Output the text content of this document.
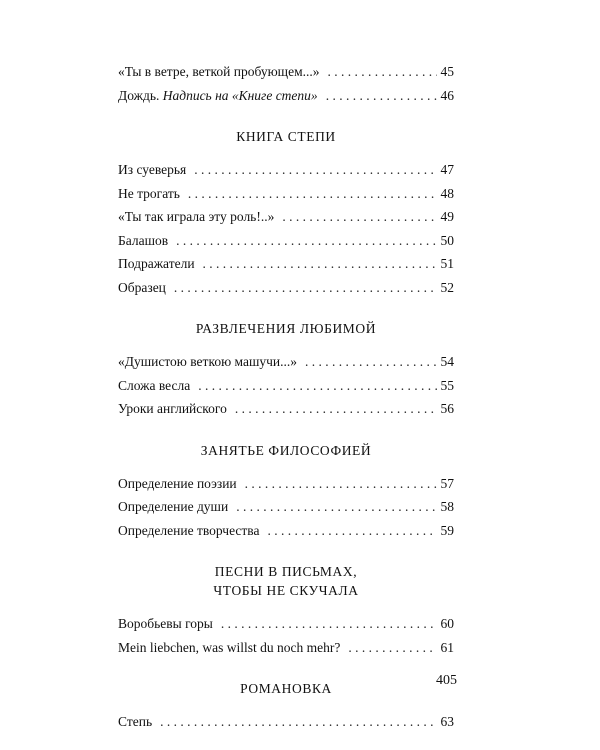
«Ты в ветре, веткой пробующем...» . . .	45
Дождь. Надпись на «Книге степи» . . .	46
КНИГА СТЕПИ
Из суеверья . . .	47
Не трогать . . .	48
«Ты так играла эту роль!..» . . .	49
Балашов . . .	50
Подражатели . . .	51
Образец . . .	52
РАЗВЛЕЧЕНИЯ ЛЮБИМОЙ
«Душистою веткою машучи...» . . .	54
Сложа весла . . .	55
Уроки английского . . .	56
ЗАНЯТЬЕ ФИЛОСОФИЕЙ
Определение поэзии . . .	57
Определение души . . .	58
Определение творчества . . .	59
ПЕСНИ В ПИСЬМАХ,
ЧТОБЫ НЕ СКУЧАЛА
Воробьевы горы . . .	60
Mein liebchen, was willst du noch mehr? . . .	61
РОМАНОВКА
Степь . . .	63
405
